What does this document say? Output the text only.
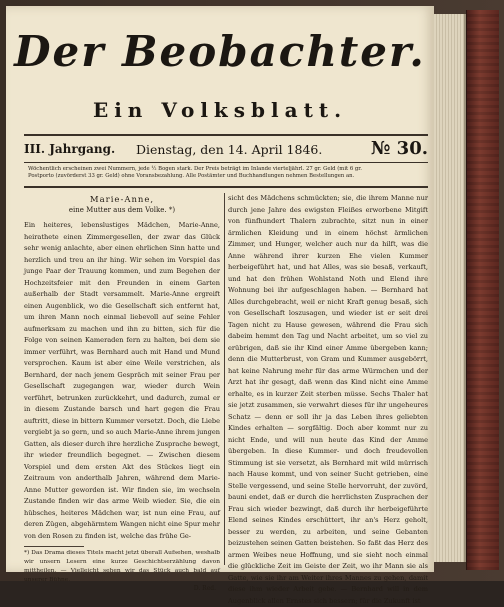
Der Beobachter.
Ein Volksblatt.
III. Jahrgang. Dienstag, den 14. April 1846.	№ 30.
Wöchentlich erscheinen zwei Nummern, jede ½ Bogen stark. Der Preis beträgt im Inlande vierteljährl. 27 gr. Geld (mit 6 gr.
Postporto (zuvörderst 33 gr. Geld) ohne Voransbezahlung. Alle Postämter und Buchhandlungen nehmen Bestellungen an.
Marie-Anne,
eine Mutter aus dem Volke. *)

Ein heiteres, lebenslustiges Mädchen, Marie-Anne, heirathete einen Zimmergesellen, der zwar das Glück sehr wenig anlachte, aber einen ehrlichen Sinn hatte und herzlich und treu an ihr hing. Wir sehen im Vorspiel das junge Paar der Trauung kommen, und zum Begehen der Hochzeitsfeier mit den Freunden in einem Garten außerhalb der Stadt versammelt. Marie-Anne ergreift einen Augenblick, wo die Gesellschaft sich entfernt hat, um ihren Mann noch einmal liebevoll auf seine Fehler aufmerksam zu machen und ihn zu bitten, sich für die Folge von seinen Kameraden fern zu halten, bei dem sie immer verführt, was Bernhard auch mit Hand und Mund versprochen. Kaum ist aber eine Weile verstrichen, als Bernhard, der nach jenem Gespräch mit seiner Frau per Gesellschaft zugegangen war, wieder durch Wein verführt, betrunken zurückkehrt, und dadurch, zumal er in diesem Zustande barsch und hart gegen die Frau auftritt, diese in bittern Kummer versetzt. Doch, die Liebe vergiebt ja so gern, und so auch Marie-Anne ihrem jungen Gatten, als dieser durch ihre herzliche Zusprache bewegt, ihr wieder freundlich begegnet. — Zwischen diesem Vorspiel und dem ersten Akt des Stückes liegt ein Zeitraum von anderthalb Jahren, während dem Marie-Anne Mutter geworden ist. Wir finden sie, im wechseln Zustande finden wir das arme Weib wieder. Sie, die ein hübsches, heiteres Mädchen war, ist nun eine Frau, auf deren Zügen, abgehärmtem Wangen nicht eine Spur mehr von den Rosen zu finden ist, welche das frühe Ge-

*) Das Drama dieses Titels macht jetzt überall Aufsehen, weshalb wir unsern Lesern eine kurze Geschichtserzählung davon mittheilen. — Vielleicht sehen wir das Stück auch bald auf unserer Bühne.

D. Red.

sicht des Mädchens schmückten; sie, die ihrem Manne nur durch jene Jahre des ewigsten Fleißes erworbene Mitgift von fünfhundert Thalern zubrachte, sitzt nun in einer ärmlichen Kleidung und in einem höchst ärmlichen Zimmer, und Hunger, welcher auch nur da hilft, was die Anne während ihrer kurzen Ehe vielen Kummer herbeigeführt hat, und hat Alles, was sie besaß, verkauft, und hat den frühen Wohlstand Noth und Elend ihre Wohnung bei ihr aufgeschlagen haben. — Bernhard hat Alles durchgebracht, weil er nicht Kraft genug besaß, sich von Gesellschaft loszusagen, und wieder ist er seit drei Tagen nicht zu Hause gewesen, während die Frau sich dabeim hemmt den Tag und Nacht arbeitet, um so viel zu erübrigen, daß sie ihr Kind einer Amme übergeben kann; denn die Mutterbrust, von Gram und Kummer ausgebörrt, hat keine Nahrung mehr für das arme Würmchen und der Arzt hat ihr gesagt, daß wenn das Kind nicht eine Amme erhalte, es in kurzer Zeit sterben müsse. Sechs Thaler hat sie jetzt zusammen, sie verwahrt dieses für ihr ungeheures Schatz — denn er soll ihr ja das Leben ihres geliebten Kindes erhalten — sorgfältig. Doch aber kommt nur zu nicht Ende, und will nun heute das Kind der Amme übergeben. In diese Kummer- und doch freudevollen Stimmung ist sie versetzt, als Bernhard mit wild mürrisch nach Hause kommt, und von seiner Sucht getrieben, eine Stelle vergessend, und seine Stelle hervorruht, der zuvörd, bauni endet, daß er durch die herrlichsten Zusprachen der Frau sich wieder bezwingt, daß durch ihr herbeigeführte Elend seines Kindes erschüttert, ihr an's Herz geholt, besser zu werden, zu arbeiten, und seine Gebanten beizustehen seinen Gatten beistehen. So faßt das Herz des armen Weibes neue Hoffnung, und sie sieht noch einmal die glückliche Zeit im Geiste der Zeit, wo ihr Mann sie als Gatte, wie sie ihr am Weiter ihres Mannes zu gehen, damit diese ihm wieder Arbeit gebe. — Bernhard will in dem Augenblick allen Ernstes sich bessern; für die Zukunft ist
